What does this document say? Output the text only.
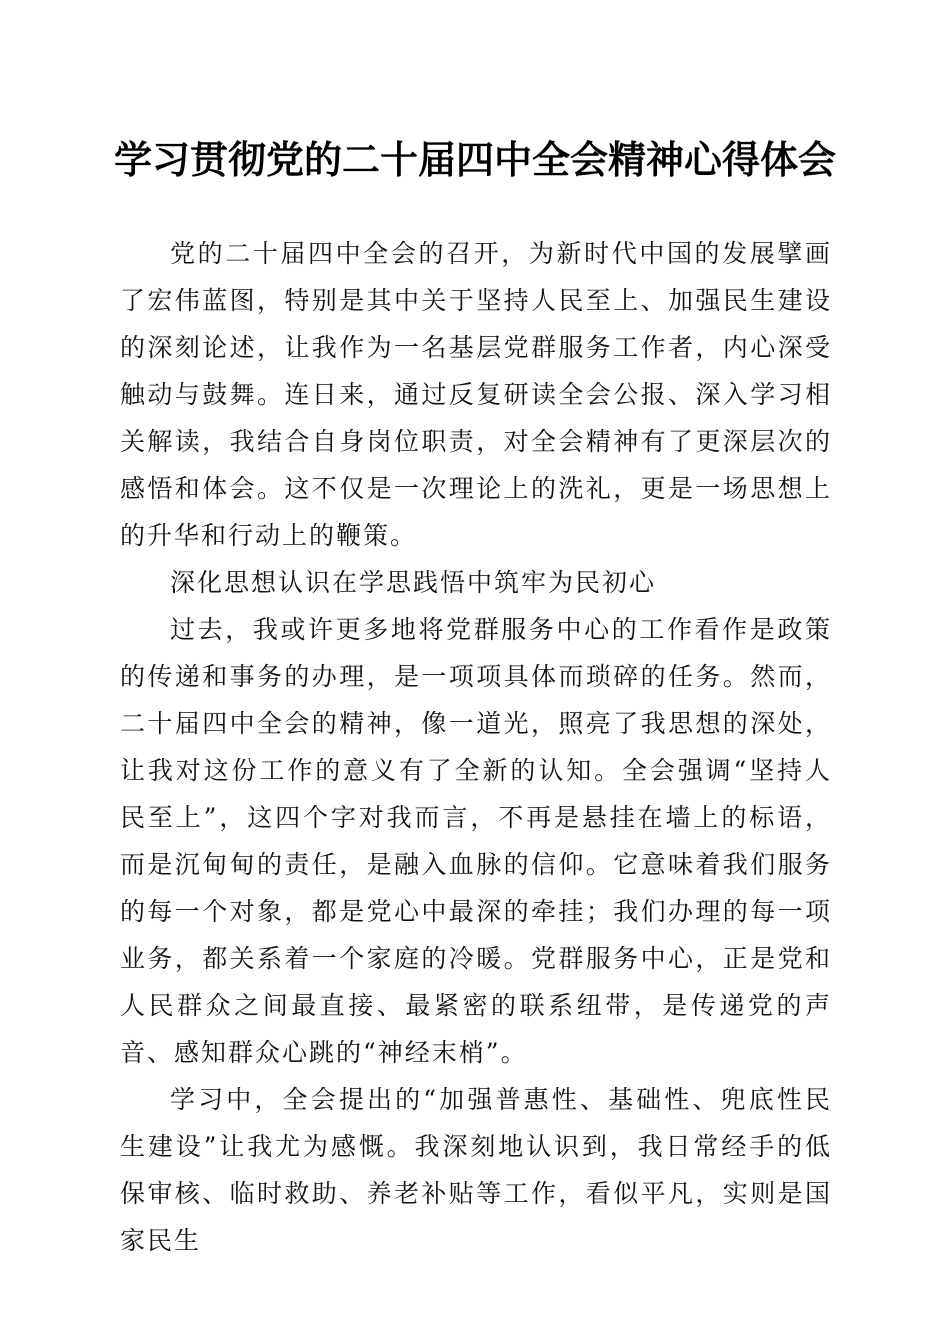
学习贯彻党的二十届四中全会精神心得体会

党的二十届四中全会的召开，为新时代中国的发展擘画了宏伟蓝图，特别是其中关于坚持人民至上、加强民生建设的深刻论述，让我作为一名基层党群服务工作者，内心深受触动与鼓舞。连日来，通过反复研读全会公报、深入学习相关解读，我结合自身岗位职责，对全会精神有了更深层次的感悟和体会。这不仅是一次理论上的洗礼，更是一场思想上的升华和行动上的鞭策。

深化思想认识在学思践悟中筑牢为民初心

过去，我或许更多地将党群服务中心的工作看作是政策的传递和事务的办理，是一项项具体而琐碎的任务。然而，二十届四中全会的精神，像一道光，照亮了我思想的深处，让我对这份工作的意义有了全新的认知。全会强调“坚持人民至上”，这四个字对我而言，不再是悬挂在墙上的标语，而是沉甸甸的责任，是融入血脉的信仰。它意味着我们服务的每一个对象，都是党心中最深的牵挂；我们办理的每一项业务，都关系着一个家庭的冷暖。党群服务中心，正是党和人民群众之间最直接、最紧密的联系纽带，是传递党的声音、感知群众心跳的“神经末梢”。

学习中，全会提出的“加强普惠性、基础性、兜底性民生建设”让我尤为感慨。我深刻地认识到，我日常经手的低保审核、临时救助、养老补贴等工作，看似平凡，实则是国家民生
